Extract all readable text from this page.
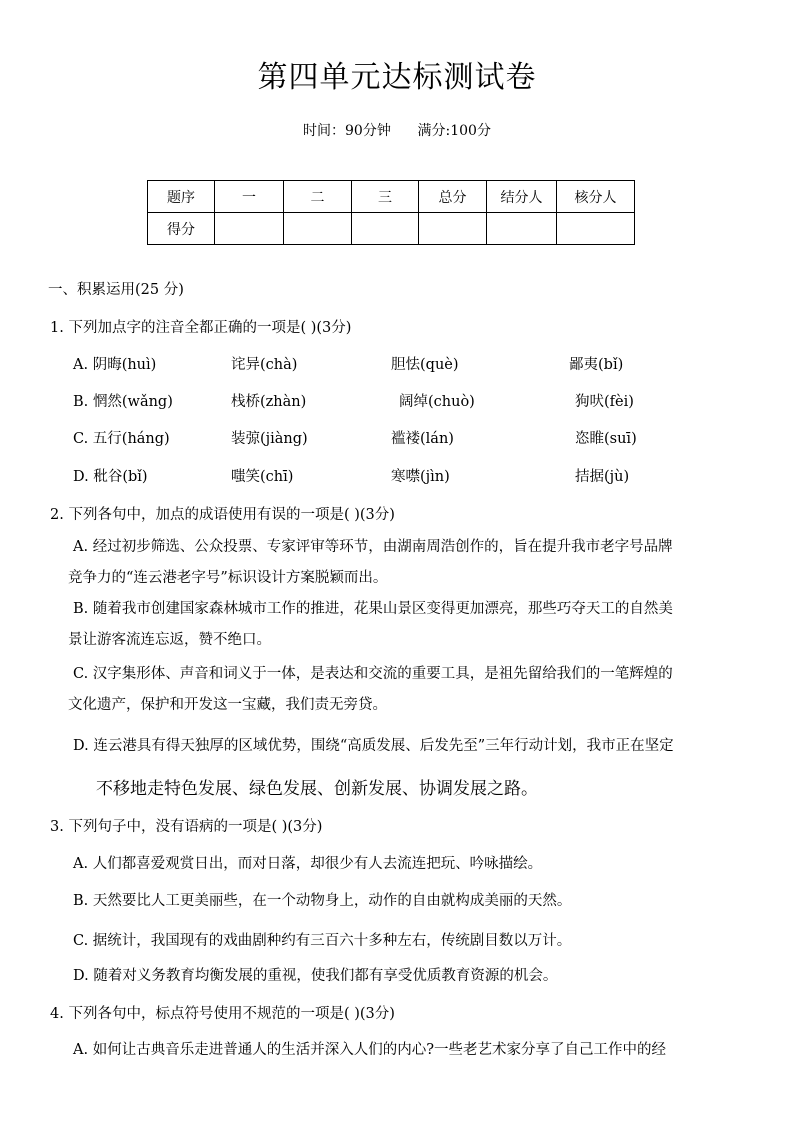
第四单元达标测试卷
时间：90分钟      满分:100分
题序	一	二	三	总分	结分人	核分人
得分						
一、积累运用(25 分)
1. 下列加点字的注音全都正确的一项是( )(3分)
A. 阴晦(huì)	诧异(chà)	胆怯(què)	鄙夷(bǐ)
B. 惘然(wǎng)	栈桥(zhàn)	阔绰(chuò)	狗吠(fèi)
C. 五行(háng)	装弶(jiàng)	褴褛(lán)	恣睢(suī)
D. 秕谷(bǐ)	嗤笑(chī)	寒噤(jìn)	拮据(jù)
2. 下列各句中，加点的成语使用有误的一项是( )(3分)
A. 经过初步筛选、公众投票、专家评审等环节，由湖南周浩创作的，旨在提升我市老字号品牌
竞争力的“连云港老字号”标识设计方案脱颖而出。
B. 随着我市创建国家森林城市工作的推进，花果山景区变得更加漂亮，那些巧夺天工的自然美
景让游客流连忘返，赞不绝口。
C. 汉字集形体、声音和词义于一体，是表达和交流的重要工具，是祖先留给我们的一笔辉煌的
文化遗产，保护和开发这一宝藏，我们责无旁贷。
D. 连云港具有得天独厚的区域优势，围绕“高质发展、后发先至”三年行动计划，我市正在坚定
不移地走特色发展、绿色发展、创新发展、协调发展之路。
3. 下列句子中，没有语病的一项是( )(3分)
A. 人们都喜爱观赏日出，而对日落，却很少有人去流连把玩、吟咏描绘。
B. 天然要比人工更美丽些，在一个动物身上，动作的自由就构成美丽的天然。
C. 据统计，我国现有的戏曲剧种约有三百六十多种左右，传统剧目数以万计。
D. 随着对义务教育均衡发展的重视，使我们都有享受优质教育资源的机会。
4. 下列各句中，标点符号使用不规范的一项是( )(3分)
A. 如何让古典音乐走进普通人的生活并深入人们的内心?一些老艺术家分享了自己工作中的经
